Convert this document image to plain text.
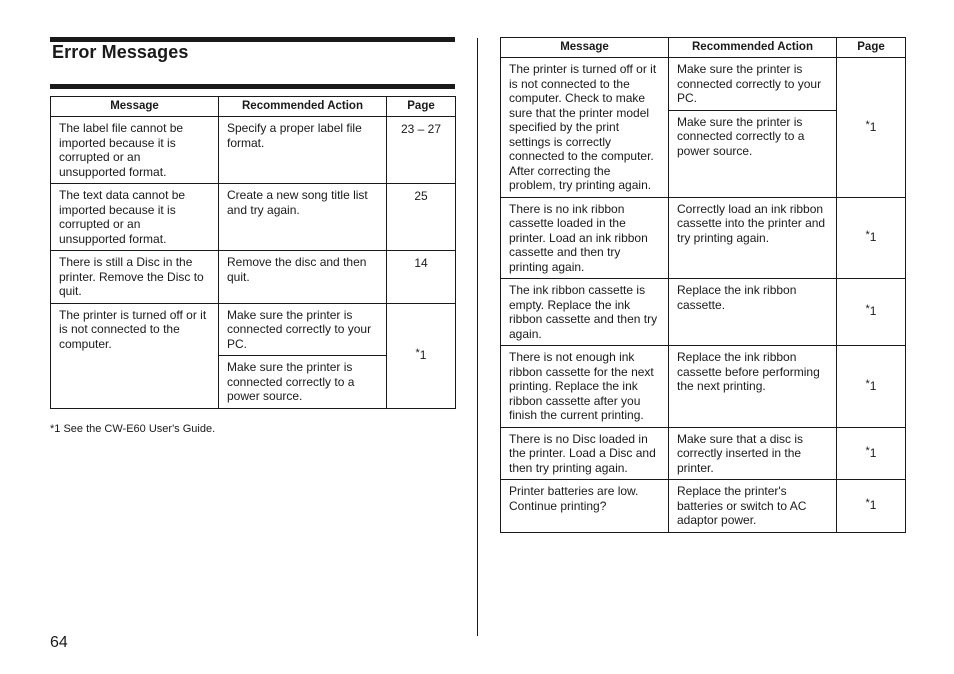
Error Messages
Message	Recommended Action	Page
The label file cannot be imported because it is corrupted or an unsupported format.	Specify a proper label file format.	23 – 27
The text data cannot be imported because it is corrupted or an unsupported format.	Create a new song title list and try again.	25
There is still a Disc in the printer. Remove the Disc to quit.	Remove the disc and then quit.	14
The printer is turned off or it is not connected to the computer.	Make sure the printer is connected correctly to your PC.	*1
	Make sure the printer is connected correctly to a power source.	
*1 See the CW-E60 User's Guide.
64
Message	Recommended Action	Page
The printer is turned off or it is not connected to the computer. Check to make sure that the printer model specified by the print settings is correctly connected to the computer. After correcting the problem, try printing again.	Make sure the printer is connected correctly to your PC.	*1
	Make sure the printer is connected correctly to a power source.	
There is no ink ribbon cassette loaded in the printer. Load an ink ribbon cassette and then try printing again.	Correctly load an ink ribbon cassette into the printer and try printing again.	*1
The ink ribbon cassette is empty. Replace the ink ribbon cassette and then try again.	Replace the ink ribbon cassette.	*1
There is not enough ink ribbon cassette for the next printing. Replace the ink ribbon cassette after you finish the current printing.	Replace the ink ribbon cassette before performing the next printing.	*1
There is no Disc loaded in the printer. Load a Disc and then try printing again.	Make sure that a disc is correctly inserted in the printer.	*1
Printer batteries are low. Continue printing?	Replace the printer's batteries or switch to AC adaptor power.	*1
